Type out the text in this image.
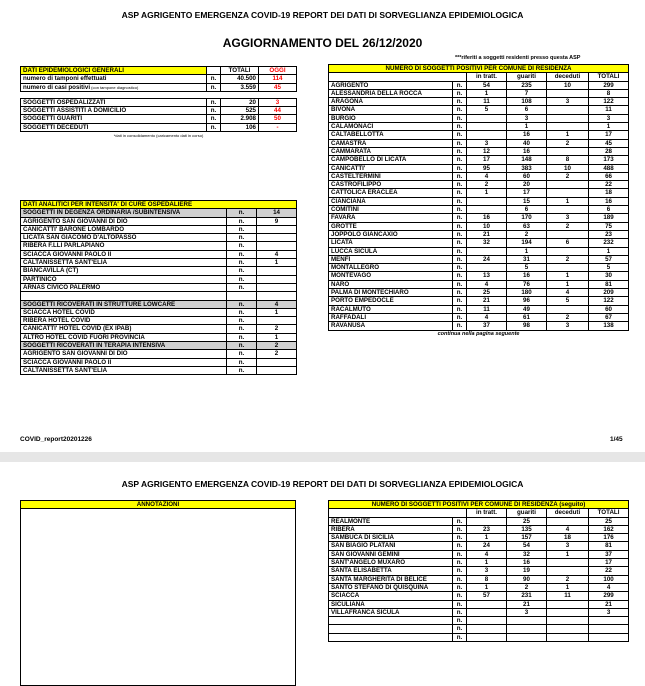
ASP AGRIGENTO EMERGENZA COVID-19 REPORT DEI DATI DI SORVEGLIANZA EPIDEMIOLOGICA
AGGIORNAMENTO DEL 26/12/2020
***riferiti a soggetti residenti presso questa ASP
DATI EPIDEMIOLOGICI GENERALI		TOTALI	OGGI
numero di tamponi effettuati	n.	40.500	114
numero di casi positivi (con tampone diagnostico)	n.	3.559	45

SOGGETTI OSPEDALIZZATI	n.	20	3
SOGGETTI ASSISTITI A DOMICILIO	n.	525	44
SOGGETTI GUARITI	n.	2.908	50
SOGGETTI DECEDUTI	n.	106	-
*dati in consolidamento (caricamento dati in corso)			
DATI ANALITICI PER INTENSITA' DI CURE OSPEDALIERE		
SOGGETTI IN DEGENZA ORDINARIA /SUBINTENSIVA	n.	14
AGRIGENTO SAN GIOVANNI DI DIO	n.	9
CANICATTI' BARONE LOMBARDO	n.	
LICATA SAN GIACOMO D'ALTOPASSO	n.	
RIBERA F.LLI PARLAPIANO	n.	
SCIACCA GIOVANNI PAOLO II	n.	4
CALTANISSETTA SANT'ELIA	n.	1
BIANCAVILLA (CT)	n.	
PARTINICO	n.	
ARNAS CIVICO PALERMO	n.	

SOGGETTI RICOVERATI IN STRUTTURE LOWCARE	n.	4
SCIACCA HOTEL COVID	n.	1
RIBERA HOTEL COVID	n.	
CANICATTI' HOTEL COVID (EX IPAB)	n.	2
ALTRO HOTEL COVID FUORI PROVINCIA	n.	1
SOGGETTI RICOVERATI IN TERAPIA INTENSIVA	n.	2
AGRIGENTO SAN GIOVANNI DI DIO	n.	2
SCIACCA GIOVANNI PAOLO II	n.	
CALTANISSETTA SANT'ELIA	n.	
COVID_report20201226
NUMERO DI SOGGETTI POSITIVI PER COMUNE DI RESIDENZA					
		in tratt.	guariti	deceduti	TOTALI
AGRIGENTO	n.	54	235	10	299
ALESSANDRIA DELLA ROCCA	n.	1	7		8
ARAGONA	n.	11	108	3	122
BIVONA	n.	5	6		11
BURGIO	n.		3		3
CALAMONACI	n.		1		1
CALTABELLOTTA	n.		16	1	17
CAMASTRA	n.	3	40	2	45
CAMMARATA	n.	12	16		28
CAMPOBELLO DI LICATA	n.	17	148	8	173
CANICATTI'	n.	95	383	10	488
CASTELTERMINI	n.	4	60	2	66
CASTROFILIPPO	n.	2	20		22
CATTOLICA ERACLEA	n.	1	17		18
CIANCIANA	n.		15	1	16
COMITINI	n.		6		6
FAVARA	n.	16	170	3	189
GROTTE	n.	10	63	2	75
JOPPOLO GIANCAXIO	n.	21	2		23
LICATA	n.	32	194	6	232
LUCCA SICULA	n.		1		1
MENFI	n.	24	31	2	57
MONTALLEGRO	n.		5		5
MONTEVAGO	n.	13	16	1	30
NARO	n.	4	76	1	81
PALMA DI MONTECHIARO	n.	25	180	4	209
PORTO EMPEDOCLE	n.	21	96	5	122
RACALMUTO	n.	11	49		60
RAFFADALI	n.	4	61	2	67
RAVANUSA	n.	37	98	3	138
continua nella pagina seguente					
1/45
ASP AGRIGENTO EMERGENZA COVID-19 REPORT DEI DATI DI SORVEGLIANZA EPIDEMIOLOGICA
ANNOTAZIONI	NUMERO DI SOGGETTI POSITIVI PER COMUNE DI RESIDENZA (seguito)					
		in tratt.	guariti	deceduti	TOTALI
REALMONTE	n.		25		25
RIBERA	n.	23	135	4	162
SAMBUCA DI SICILIA	n.	1	157	18	176
SAN BIAGIO PLATANI	n.	24	54	3	81
SAN GIOVANNI GEMINI	n.	4	32	1	37
SANT'ANGELO MUXARO	n.	1	16		17
SANTA ELISABETTA	n.	3	19		22
SANTA MARGHERITA DI BELICE	n.	8	90	2	100
SANTO STEFANO DI QUISQUINA	n.	1	2	1	4
SCIACCA	n.	57	231	11	299
SICULIANA	n.		21		21
VILLAFRANCA SICULA	n.		3		3
	n.				
	n.				
	n.				
